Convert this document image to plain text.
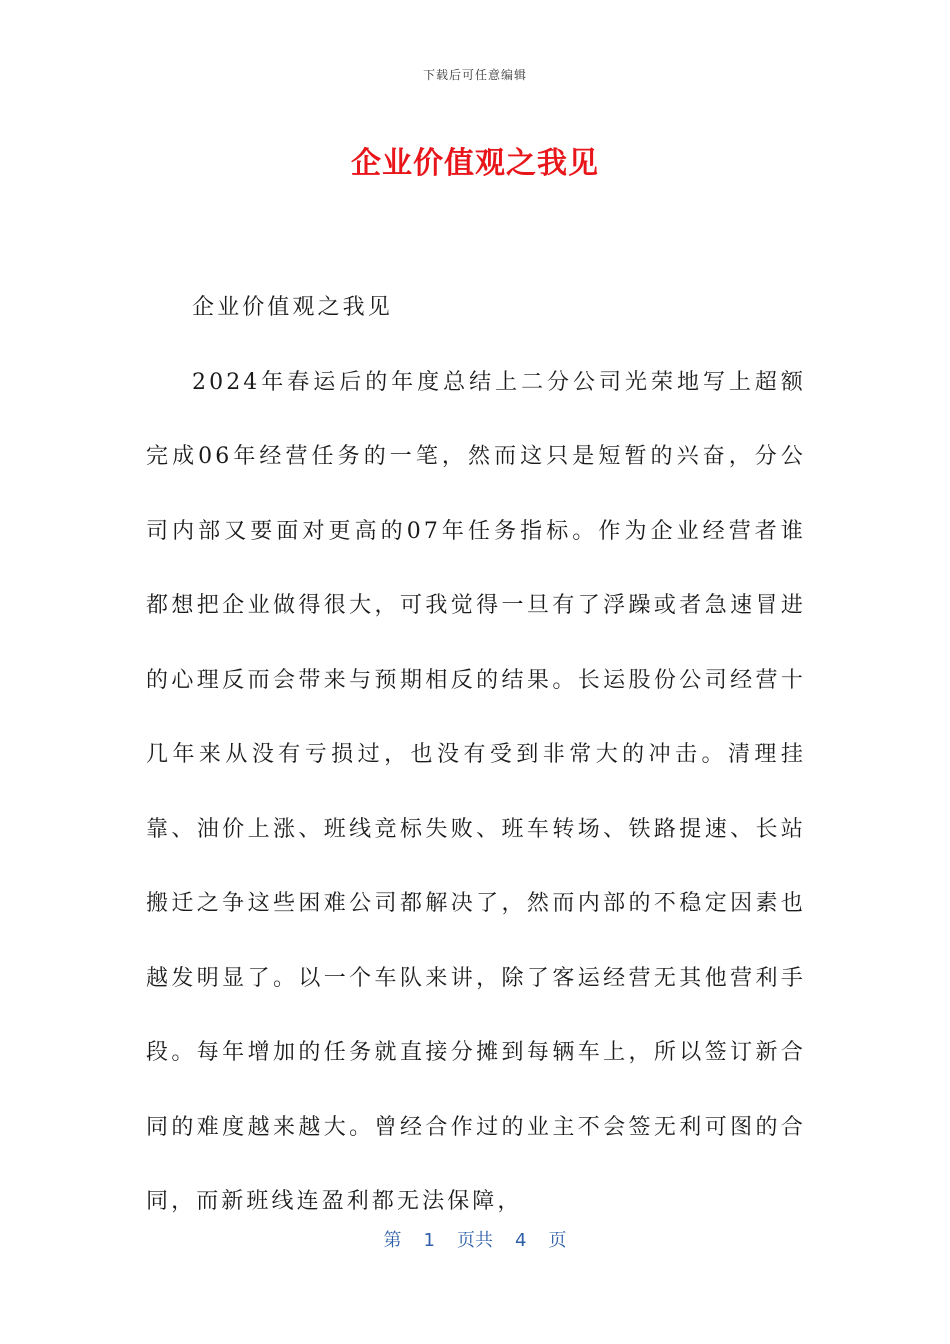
下载后可任意编辑
企业价值观之我见

企业价值观之我见

2024年春运后的年度总结上二分公司光荣地写上超额完成06年经营任务的一笔，然而这只是短暂的兴奋，分公司内部又要面对更高的07年任务指标。作为企业经营者谁都想把企业做得很大，可我觉得一旦有了浮躁或者急速冒进的心理反而会带来与预期相反的结果。长运股份公司经营十几年来从没有亏损过，也没有受到非常大的冲击。清理挂靠、油价上涨、班线竞标失败、班车转场、铁路提速、长站搬迁之争这些困难公司都解决了，然而内部的不稳定因素也越发明显了。以一个车队来讲，除了客运经营无其他营利手段。每年增加的任务就直接分摊到每辆车上，所以签订新合同的难度越来越大。曾经合作过的业主不会签无利可图的合同，而新班线连盈利都无法保障，

第 1 页共 4 页
